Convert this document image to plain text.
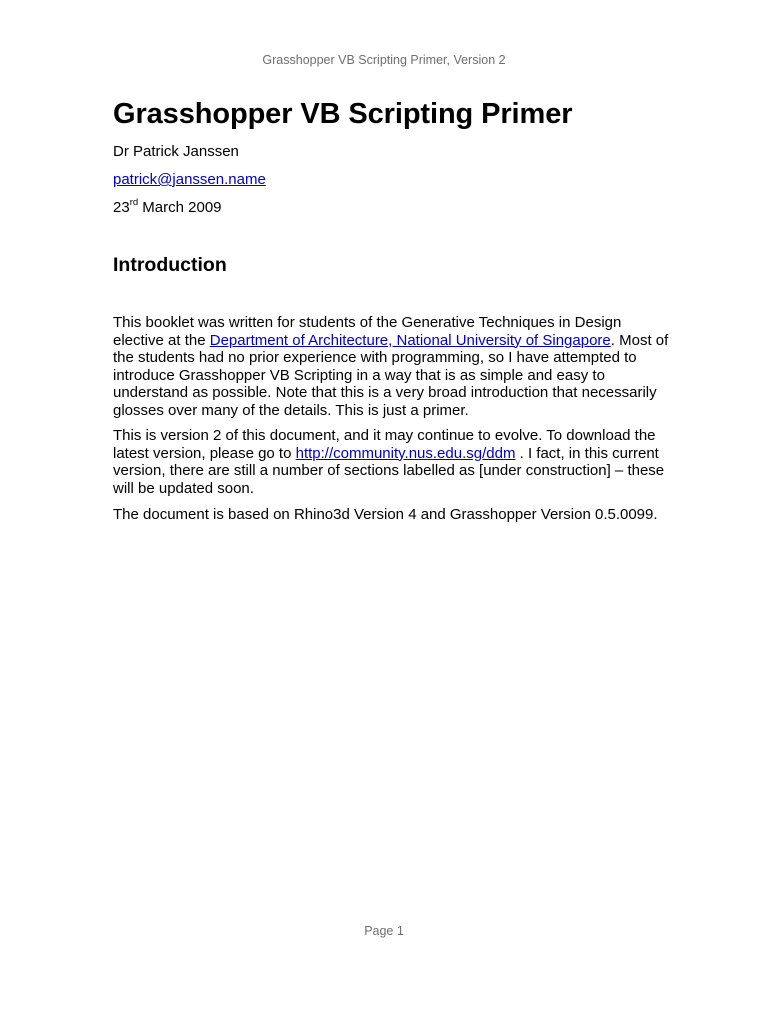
Grasshopper VB Scripting Primer, Version 2
Grasshopper VB Scripting Primer

Dr Patrick Janssen

patrick@janssen.name

23rd March 2009

Introduction

This booklet was written for students of the Generative Techniques in Design elective at the Department of Architecture, National University of Singapore. Most of the students had no prior experience with programming, so I have attempted to introduce Grasshopper VB Scripting in a way that is as simple and easy to understand as possible. Note that this is a very broad introduction that necessarily glosses over many of the details. This is just a primer.

This is version 2 of this document, and it may continue to evolve. To download the latest version, please go to http://community.nus.edu.sg/ddm . I fact, in this current version, there are still a number of sections labelled as [under construction] – these will be updated soon.

The document is based on Rhino3d Version 4 and Grasshopper Version 0.5.0099.

Page 1
